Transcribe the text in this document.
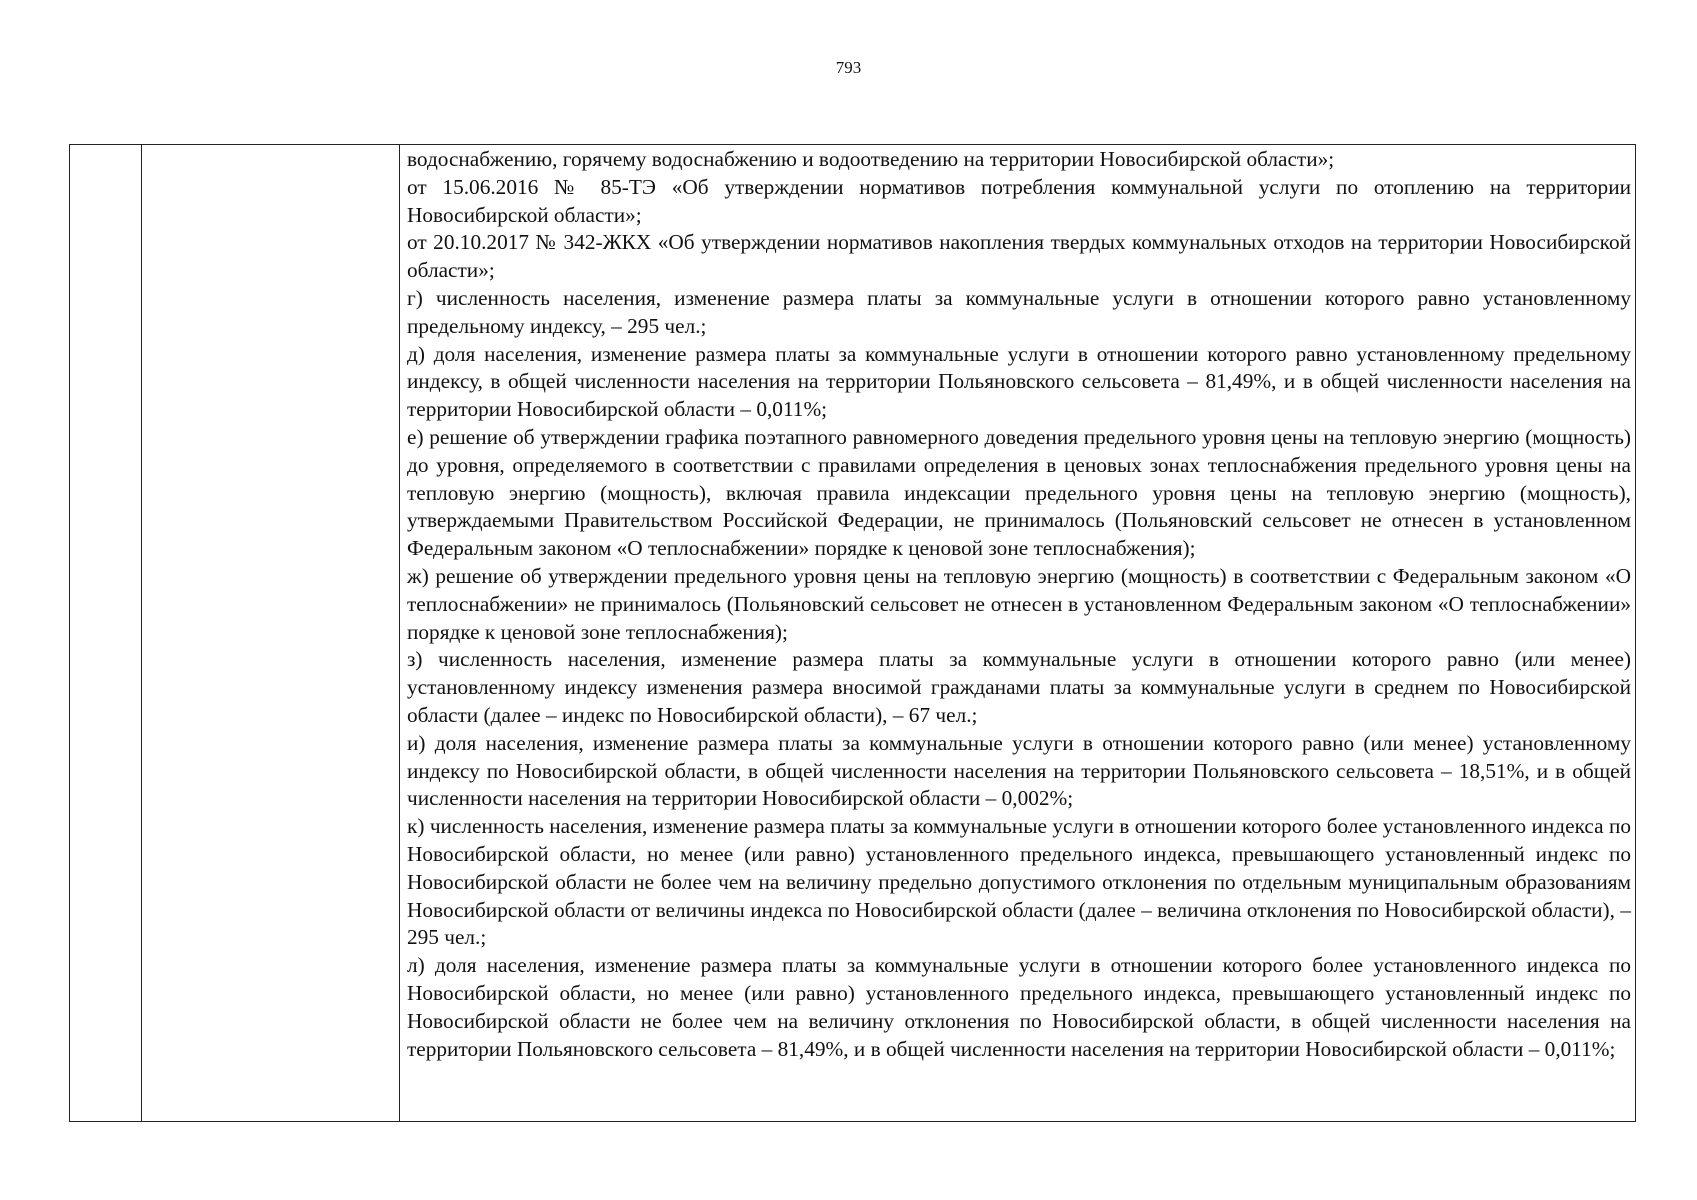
793

водоснабжению, горячему водоснабжению и водоотведению на территории Новосибирской области»;

от 15.06.2016 № 85-ТЭ «Об утверждении нормативов потребления коммунальной услуги по отоплению на территории Новосибирской области»;

от 20.10.2017 № 342-ЖКХ «Об утверждении нормативов накопления твердых коммунальных отходов на территории Новосибирской области»;

г) численность населения, изменение размера платы за коммунальные услуги в отношении которого равно установленному предельному индексу, – 295 чел.;

д) доля населения, изменение размера платы за коммунальные услуги в отношении которого равно установленному предельному индексу, в общей численности населения на территории Польяновского сельсовета – 81,49%, и в общей численности населения на территории Новосибирской области – 0,011%;

е) решение об утверждении графика поэтапного равномерного доведения предельного уровня цены на тепловую энергию (мощность) до уровня, определяемого в соответствии с правилами определения в ценовых зонах теплоснабжения предельного уровня цены на тепловую энергию (мощность), включая правила индексации предельного уровня цены на тепловую энергию (мощность), утверждаемыми Правительством Российской Федерации, не принималось (Польяновский сельсовет не отнесен в установленном Федеральным законом «О теплоснабжении» порядке к ценовой зоне теплоснабжения);

ж) решение об утверждении предельного уровня цены на тепловую энергию (мощность) в соответствии с Федеральным законом «О теплоснабжении» не принималось (Польяновский сельсовет не отнесен в установленном Федеральным законом «О теплоснабжении» порядке к ценовой зоне теплоснабжения);

з) численность населения, изменение размера платы за коммунальные услуги в отношении которого равно (или менее) установленному индексу изменения размера вносимой гражданами платы за коммунальные услуги в среднем по Новосибирской области (далее – индекс по Новосибирской области), – 67 чел.;

и) доля населения, изменение размера платы за коммунальные услуги в отношении которого равно (или менее) установленному индексу по Новосибирской области, в общей численности населения на территории Польяновского сельсовета – 18,51%, и в общей численности населения на территории Новосибирской области – 0,002%;

к) численность населения, изменение размера платы за коммунальные услуги в отношении которого более установленного индекса по Новосибирской области, но менее (или равно) установленного предельного индекса, превышающего установленный индекс по Новосибирской области не более чем на величину предельно допустимого отклонения по отдельным муниципальным образованиям Новосибирской области от величины индекса по Новосибирской области (далее – величина отклонения по Новосибирской области), – 295 чел.;

л) доля населения, изменение размера платы за коммунальные услуги в отношении которого более установленного индекса по Новосибирской области, но менее (или равно) установленного предельного индекса, превышающего установленный индекс по Новосибирской области не более чем на величину отклонения по Новосибирской области, в общей численности населения на территории Польяновского сельсовета – 81,49%, и в общей численности населения на территории Новосибирской области – 0,011%;
